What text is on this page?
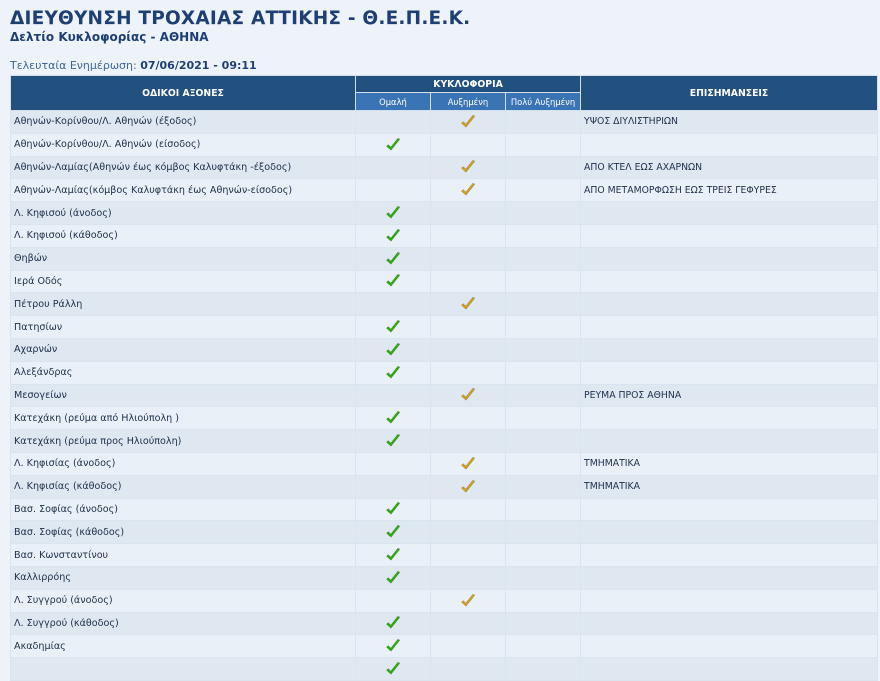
ΔΙΕΥΘΥΝΣΗ ΤΡΟΧΑΙΑΣ ΑΤΤΙΚΗΣ - Θ.Ε.Π.Ε.Κ.
Δελτίο Κυκλοφορίας - ΑΘΗΝΑ
Τελευταία Ενημέρωση: 07/06/2021 - 09:11
ΟΔΙΚΟΙ ΑΞΟΝΕΣ	ΚΥΚΛΟΦΟΡΙΑ			ΕΠΙΣΗΜΑΝΣΕΙΣ
	Ομαλή	Αυξημένη	Πολύ Αυξημένη	
Αθηνών-Κορίνθου/Λ. Αθηνών (έξοδος)				ΥΨΟΣ ΔΙΥΛΙΣΤΗΡΙΩΝ
Αθηνών-Κορίνθου/Λ. Αθηνών (είσοδος)				
Αθηνών-Λαμίας(Αθηνών έως κόμβος Καλυφτάκη -έξοδος)				ΑΠΟ ΚΤΕΛ ΕΩΣ ΑΧΑΡΝΩΝ
Αθηνών-Λαμίας(κόμβος Καλυφτάκη έως Αθηνών-είσοδος)				ΑΠΟ ΜΕΤΑΜΟΡΦΩΣΗ ΕΩΣ ΤΡΕΙΣ ΓΕΦΥΡΕΣ
Λ. Κηφισού (άνοδος)				
Λ. Κηφισού (κάθοδος)				
Θηβών				
Ιερά Οδός				
Πέτρου Ράλλη				
Πατησίων				
Αχαρνών				
Αλεξάνδρας				
Μεσογείων				ΡΕΥΜΑ ΠΡΟΣ ΑΘΗΝΑ
Κατεχάκη (ρεύμα από Ηλιούπολη )				
Κατεχάκη (ρεύμα προς Ηλιούπολη)				
Λ. Κηφισίας (άνοδος)				ΤΜΗΜΑΤΙΚΑ
Λ. Κηφισίας (κάθοδος)				ΤΜΗΜΑΤΙΚΑ
Βασ. Σοφίας (άνοδος)				
Βασ. Σοφίας (κάθοδος)				
Βασ. Κωνσταντίνου				
Καλλιρρόης				
Λ. Συγγρού (άνοδος)				
Λ. Συγγρού (κάθοδος)				
Ακαδημίας				
